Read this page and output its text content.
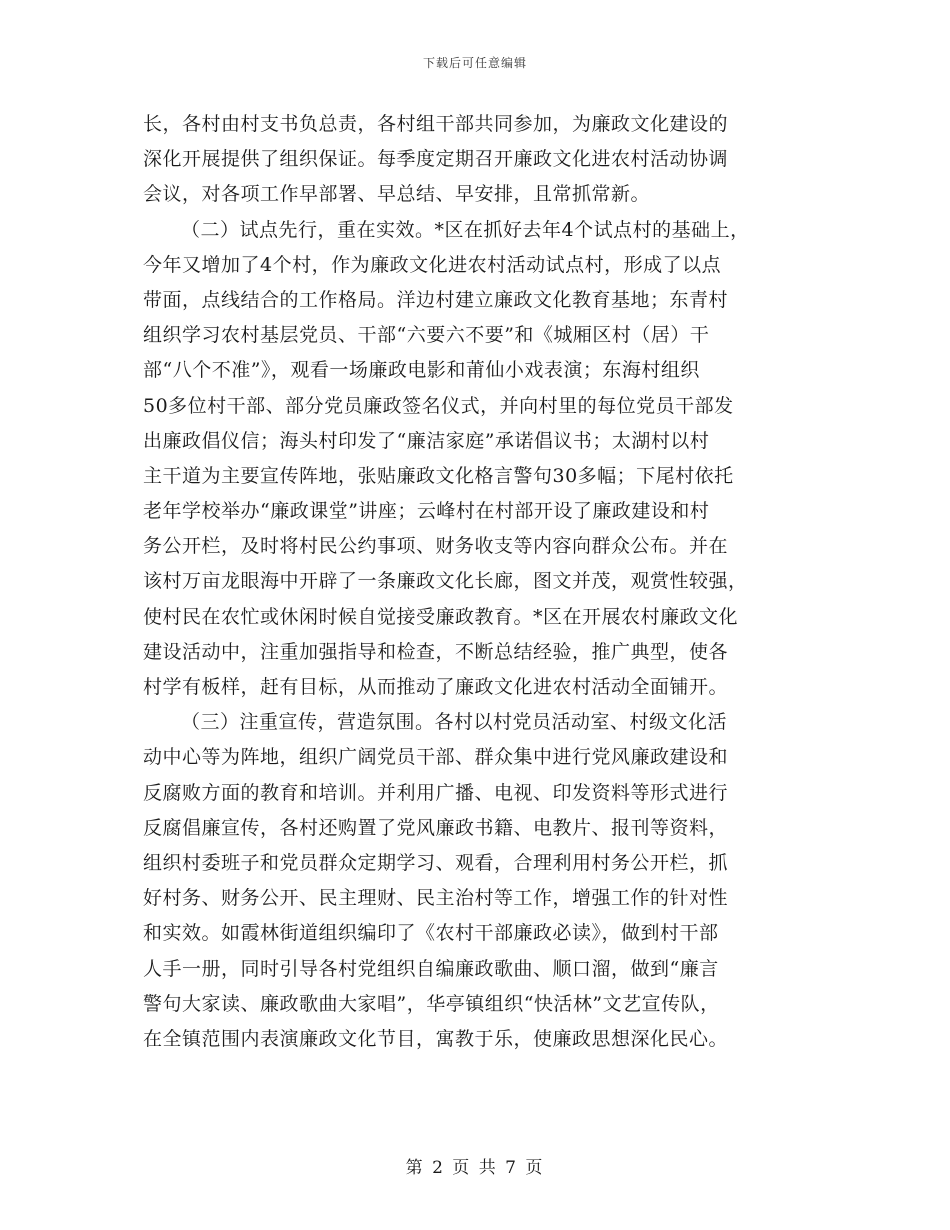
下载后可任意编辑
长，各村由村支书负总责，各村组干部共同参加，为廉政文化建设的
深化开展提供了组织保证。每季度定期召开廉政文化进农村活动协调
会议，对各项工作早部署、早总结、早安排，且常抓常新。
（二）试点先行，重在实效。*区在抓好去年4个试点村的基础上，
今年又增加了4个村，作为廉政文化进农村活动试点村，形成了以点
带面，点线结合的工作格局。洋边村建立廉政文化教育基地；东青村
组织学习农村基层党员、干部“六要六不要”和《城厢区村（居）干
部“八个不准”》，观看一场廉政电影和莆仙小戏表演；东海村组织
50多位村干部、部分党员廉政签名仪式，并向村里的每位党员干部发
出廉政倡仪信；海头村印发了“廉洁家庭”承诺倡议书；太湖村以村
主干道为主要宣传阵地，张贴廉政文化格言警句30多幅；下尾村依托
老年学校举办“廉政课堂”讲座；云峰村在村部开设了廉政建设和村
务公开栏，及时将村民公约事项、财务收支等内容向群众公布。并在
该村万亩龙眼海中开辟了一条廉政文化长廊，图文并茂，观赏性较强，
使村民在农忙或休闲时候自觉接受廉政教育。*区在开展农村廉政文化
建设活动中，注重加强指导和检查，不断总结经验，推广典型，使各
村学有板样，赶有目标，从而推动了廉政文化进农村活动全面铺开。
（三）注重宣传，营造氛围。各村以村党员活动室、村级文化活
动中心等为阵地，组织广阔党员干部、群众集中进行党风廉政建设和
反腐败方面的教育和培训。并利用广播、电视、印发资料等形式进行
反腐倡廉宣传，各村还购置了党风廉政书籍、电教片、报刊等资料，
组织村委班子和党员群众定期学习、观看，合理利用村务公开栏，抓
好村务、财务公开、民主理财、民主治村等工作，增强工作的针对性
和实效。如霞林街道组织编印了《农村干部廉政必读》，做到村干部
人手一册，同时引导各村党组织自编廉政歌曲、顺口溜，做到“廉言
警句大家读、廉政歌曲大家唱”，华亭镇组织“快活林”文艺宣传队，
在全镇范围内表演廉政文化节目，寓教于乐，使廉政思想深化民心。
第 2 页 共 7 页
